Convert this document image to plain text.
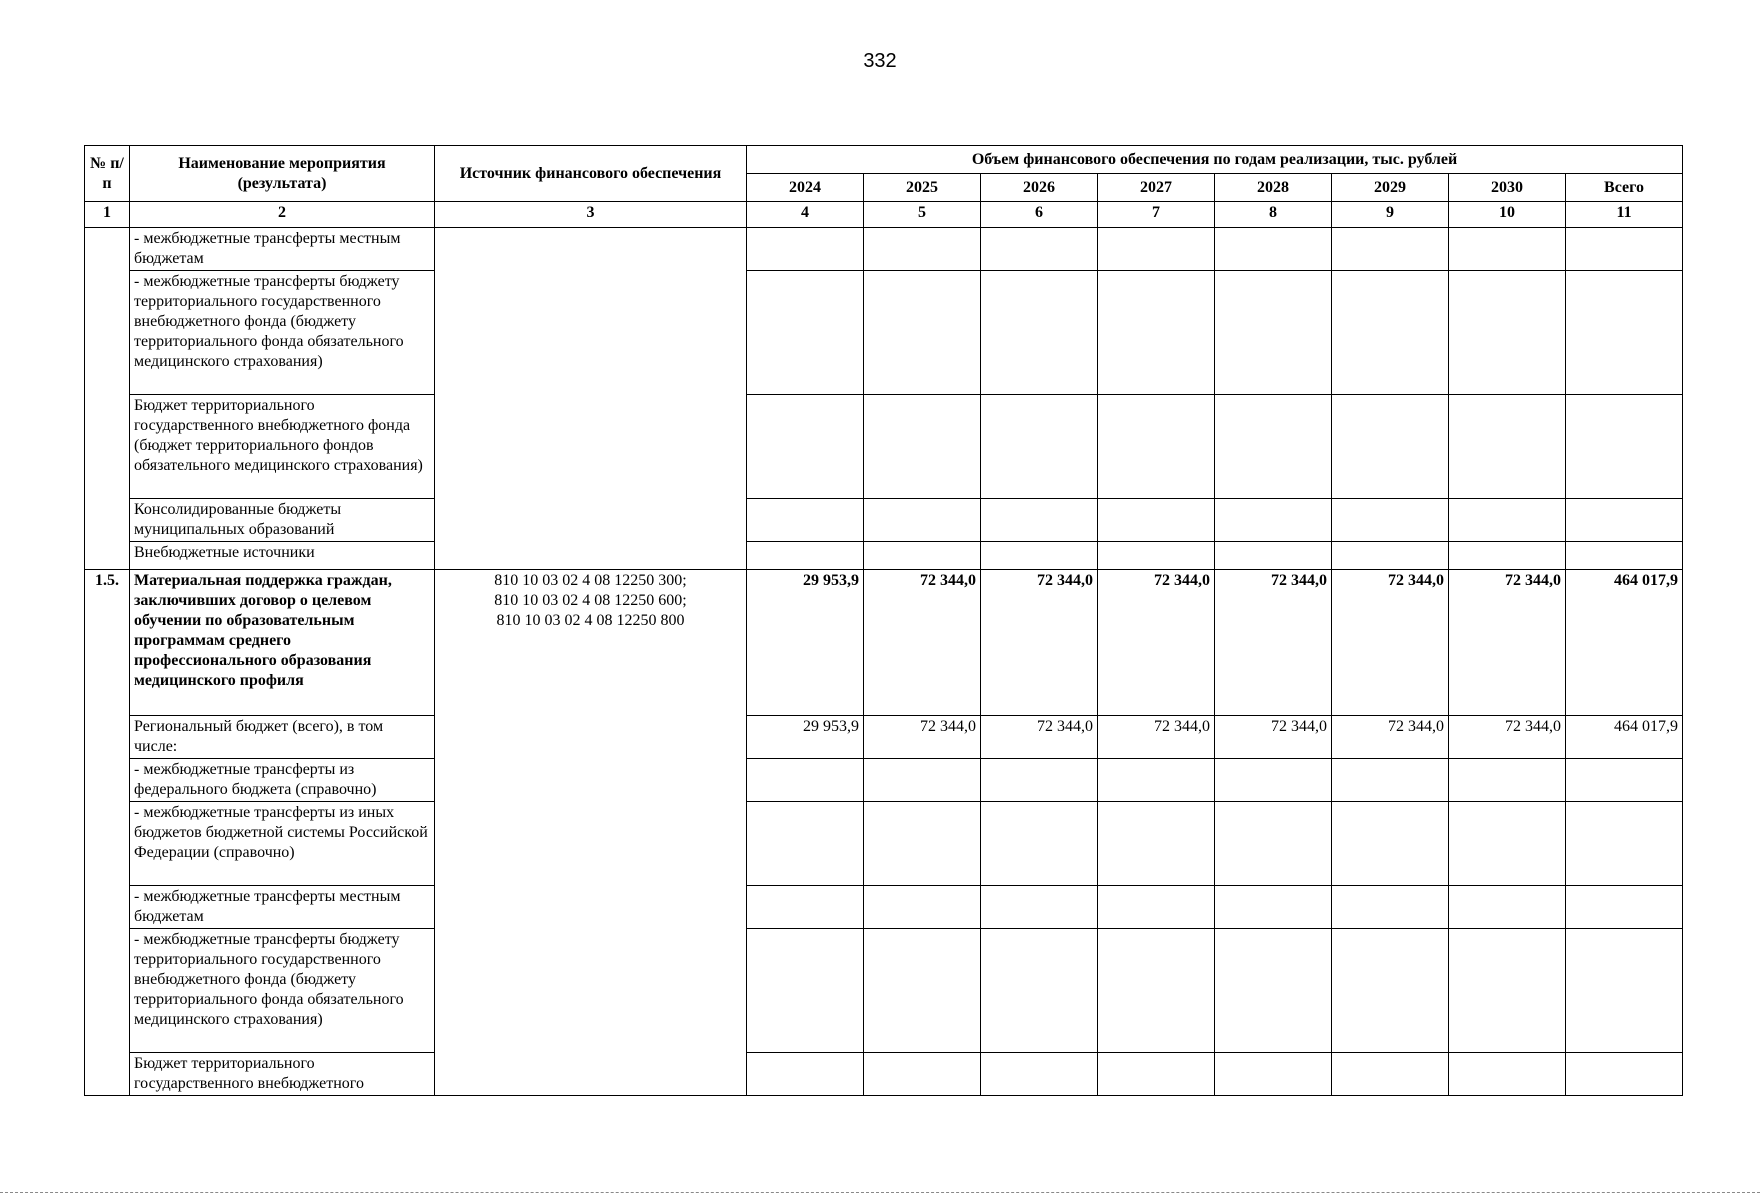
332
№ п/п	Наименование мероприятия (результата)	Источник финансового обеспечения	Объем финансового обеспечения по годам реализации, тыс. рублей							
			2024	2025	2026	2027	2028	2029	2030	Всего
1	2	3	4	5	6	7	8	9	10	11
	- межбюджетные трансферты местным бюджетам									
	- межбюджетные трансферты бюджету территориального государственного внебюджетного фонда (бюджету территориального фонда обязательного медицинского страхования)									
	Бюджет территориального государственного внебюджетного фонда (бюджет территориального фондов обязательного медицинского страхования)									
	Консолидированные бюджеты муниципальных образований									
	Внебюджетные источники									
1.5.	Материальная поддержка граждан, заключивших договор о целевом обучении по образовательным программам среднего профессионального образования медицинского профиля	810 10 03 02 4 08 12250 300;
810 10 03 02 4 08 12250 600;
810 10 03 02 4 08 12250 800	29 953,9	72 344,0	72 344,0	72 344,0	72 344,0	72 344,0	72 344,0	464 017,9
	Региональный бюджет (всего), в том числе:		29 953,9	72 344,0	72 344,0	72 344,0	72 344,0	72 344,0	72 344,0	464 017,9
	- межбюджетные трансферты из федерального бюджета (справочно)									
	- межбюджетные трансферты из иных бюджетов бюджетной системы Российской Федерации (справочно)									
	- межбюджетные трансферты местным бюджетам									
	- межбюджетные трансферты бюджету территориального государственного внебюджетного фонда (бюджету территориального фонда обязательного медицинского страхования)									
	Бюджет территориального государственного внебюджетного									
